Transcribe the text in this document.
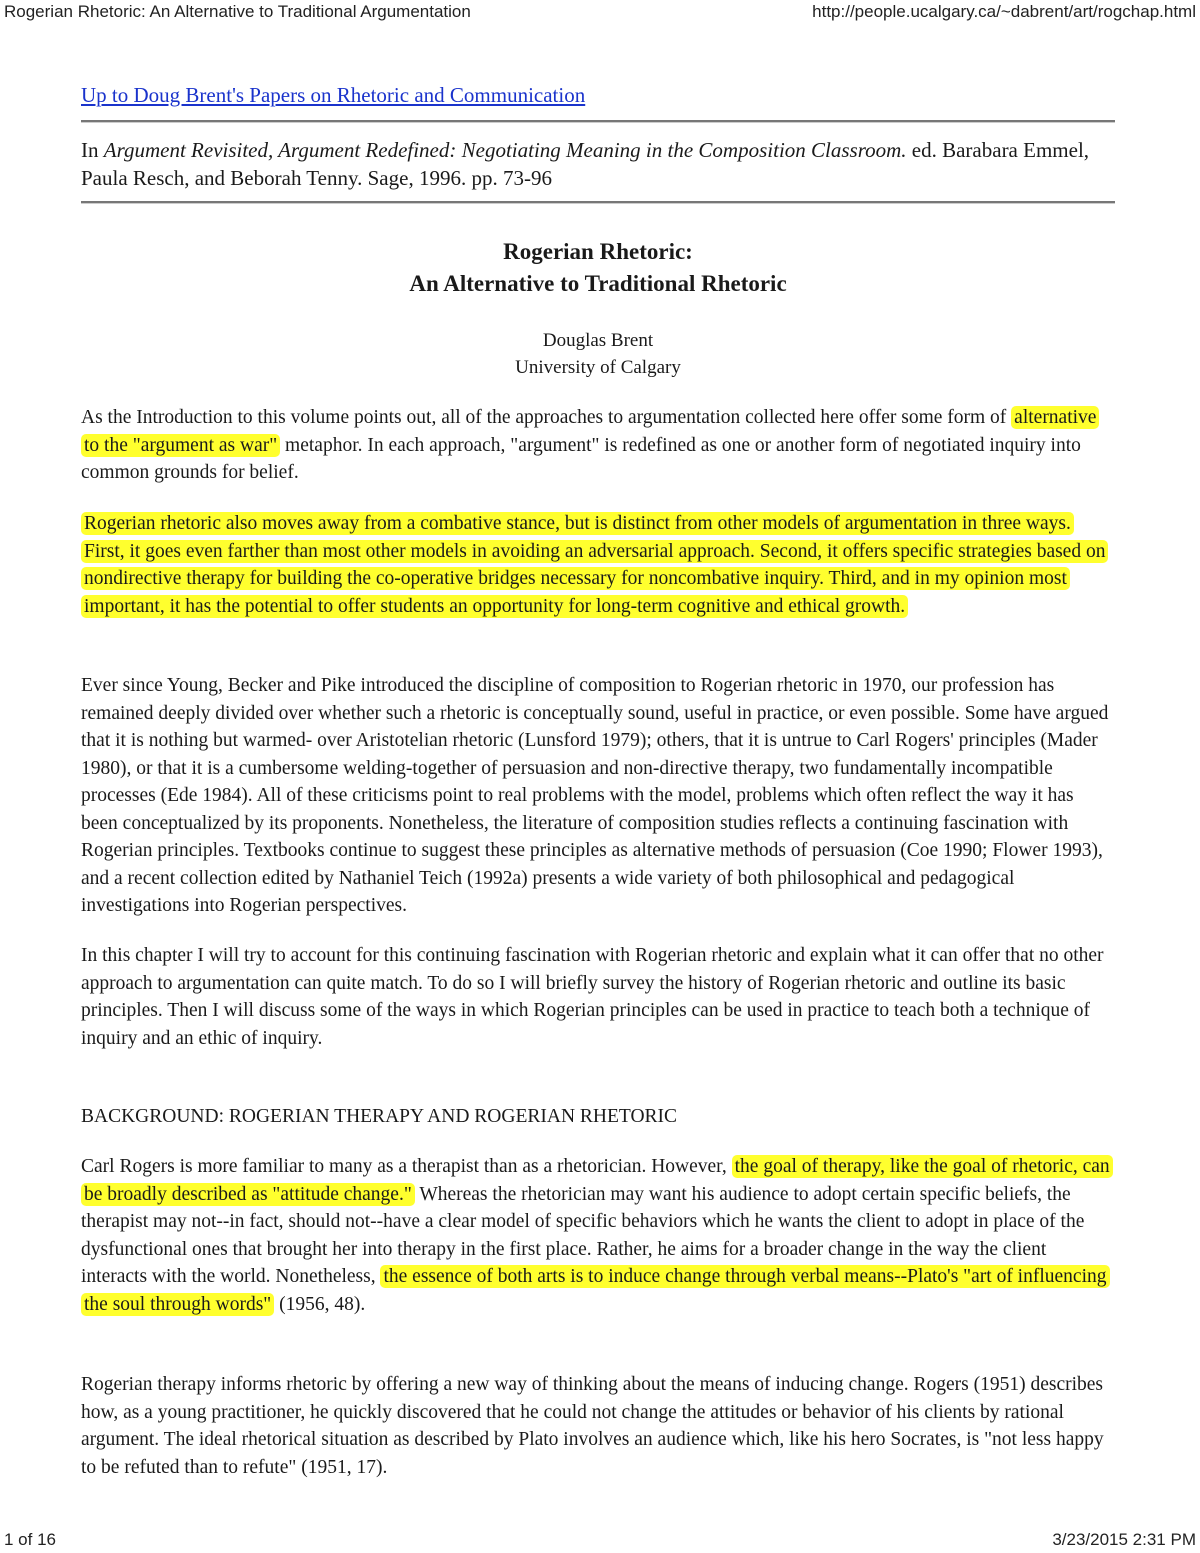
Rogerian Rhetoric: An Alternative to Traditional Argumentation	http://people.ucalgary.ca/~dabrent/art/rogchap.html
Up to Doug Brent's Papers on Rhetoric and Communication
In Argument Revisited, Argument Redefined: Negotiating Meaning in the Composition Classroom. ed. Barabara Emmel, Paula Resch, and Beborah Tenny. Sage, 1996. pp. 73-96
Rogerian Rhetoric:
An Alternative to Traditional Rhetoric
Douglas Brent
University of Calgary
As the Introduction to this volume points out, all of the approaches to argumentation collected here offer some form of alternative to the "argument as war" metaphor. In each approach, "argument" is redefined as one or another form of negotiated inquiry into common grounds for belief.
Rogerian rhetoric also moves away from a combative stance, but is distinct from other models of argumentation in three ways. First, it goes even farther than most other models in avoiding an adversarial approach. Second, it offers specific strategies based on nondirective therapy for building the co-operative bridges necessary for noncombative inquiry. Third, and in my opinion most important, it has the potential to offer students an opportunity for long-term cognitive and ethical growth.
Ever since Young, Becker and Pike introduced the discipline of composition to Rogerian rhetoric in 1970, our profession has remained deeply divided over whether such a rhetoric is conceptually sound, useful in practice, or even possible. Some have argued that it is nothing but warmed- over Aristotelian rhetoric (Lunsford 1979); others, that it is untrue to Carl Rogers' principles (Mader 1980), or that it is a cumbersome welding-together of persuasion and non-directive therapy, two fundamentally incompatible processes (Ede 1984). All of these criticisms point to real problems with the model, problems which often reflect the way it has been conceptualized by its proponents. Nonetheless, the literature of composition studies reflects a continuing fascination with Rogerian principles. Textbooks continue to suggest these principles as alternative methods of persuasion (Coe 1990; Flower 1993), and a recent collection edited by Nathaniel Teich (1992a) presents a wide variety of both philosophical and pedagogical investigations into Rogerian perspectives.
In this chapter I will try to account for this continuing fascination with Rogerian rhetoric and explain what it can offer that no other approach to argumentation can quite match. To do so I will briefly survey the history of Rogerian rhetoric and outline its basic principles. Then I will discuss some of the ways in which Rogerian principles can be used in practice to teach both a technique of inquiry and an ethic of inquiry.
BACKGROUND: ROGERIAN THERAPY AND ROGERIAN RHETORIC
Carl Rogers is more familiar to many as a therapist than as a rhetorician. However, the goal of therapy, like the goal of rhetoric, can be broadly described as "attitude change." Whereas the rhetorician may want his audience to adopt certain specific beliefs, the therapist may not--in fact, should not--have a clear model of specific behaviors which he wants the client to adopt in place of the dysfunctional ones that brought her into therapy in the first place. Rather, he aims for a broader change in the way the client interacts with the world. Nonetheless, the essence of both arts is to induce change through verbal means--Plato's "art of influencing the soul through words" (1956, 48).
Rogerian therapy informs rhetoric by offering a new way of thinking about the means of inducing change. Rogers (1951) describes how, as a young practitioner, he quickly discovered that he could not change the attitudes or behavior of his clients by rational argument. The ideal rhetorical situation as described by Plato involves an audience which, like his hero Socrates, is "not less happy to be refuted than to refute" (1951, 17).
1 of 16	3/23/2015 2:31 PM
